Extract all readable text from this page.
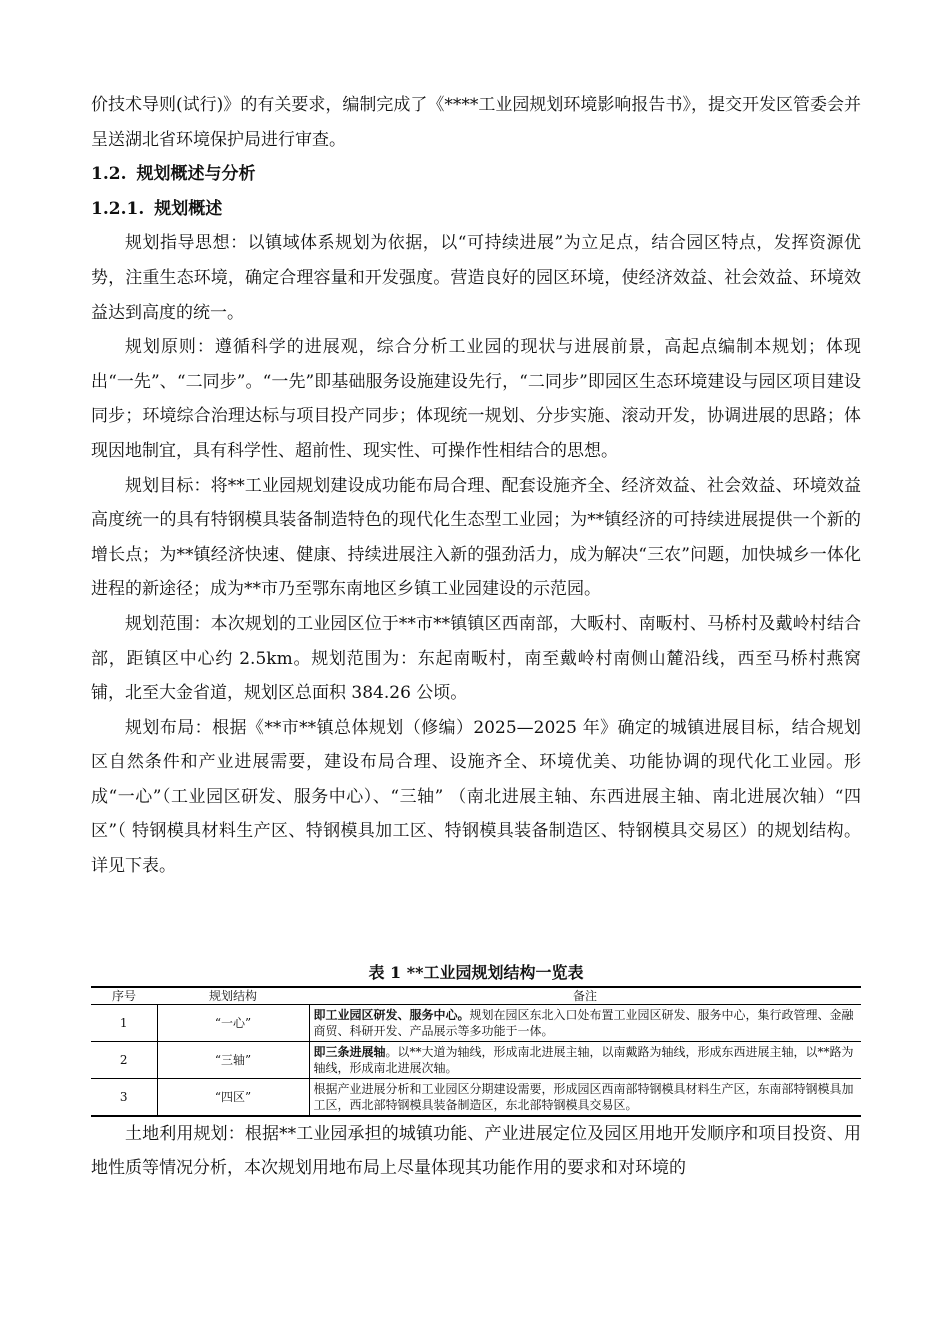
价技术导则(试行)》的有关要求，编制完成了《****工业园规划环境影响报告书》，提交开发区管委会并呈送湖北省环境保护局进行审查。

1.2. 规划概述与分析
1.2.1. 规划概述

规划指导思想：以镇域体系规划为依据，以“可持续进展”为立足点，结合园区特点，发挥资源优势，注重生态环境，确定合理容量和开发强度。营造良好的园区环境，使经济效益、社会效益、环境效益达到高度的统一。

规划原则：遵循科学的进展观，综合分析工业园的现状与进展前景，高起点编制本规划；体现出“一先”、“二同步”。“一先”即基础服务设施建设先行，“二同步”即园区生态环境建设与园区项目建设同步；环境综合治理达标与项目投产同步；体现统一规划、分步实施、滚动开发，协调进展的思路；体现因地制宜，具有科学性、超前性、现实性、可操作性相结合的思想。

规划目标：将**工业园规划建设成功能布局合理、配套设施齐全、经济效益、社会效益、环境效益高度统一的具有特钢模具装备制造特色的现代化生态型工业园；为**镇经济的可持续进展提供一个新的增长点；为**镇经济快速、健康、持续进展注入新的强劲活力，成为解决“三农”问题，加快城乡一体化进程的新途径；成为**市乃至鄂东南地区乡镇工业园建设的示范园。

规划范围：本次规划的工业园区位于**市**镇镇区西南部，大畈村、南畈村、马桥村及戴岭村结合部，距镇区中心约 2.5km。规划范围为：东起南畈村，南至戴岭村南侧山麓沿线，西至马桥村燕窝铺，北至大金省道，规划区总面积 384.26 公顷。

规划布局：根据《**市**镇总体规划（修编）2025—2025 年》确定的城镇进展目标，结合规划区自然条件和产业进展需要，建设布局合理、设施齐全、环境优美、功能协调的现代化工业园。形成“一心”（工业园区研发、服务中心）、“三轴” （南北进展主轴、东西进展主轴、南北进展次轴）“四区”（ 特钢模具材料生产区、特钢模具加工区、特钢模具装备制造区、特钢模具交易区）的规划结构。详见下表。

表 1 **工业园规划结构一览表
序号	规划结构	备注
1	“一心”	即工业园区研发、服务中心。规划在园区东北入口处布置工业园区研发、服务中心，集行政管理、金融商贸、科研开发、产品展示等多功能于一体。
2	“三轴”	即三条进展轴。以**大道为轴线，形成南北进展主轴，以南戴路为轴线，形成东西进展主轴，以**路为轴线，形成南北进展次轴。
3	“四区”	根据产业进展分析和工业园区分期建设需要，形成园区西南部特钢模具材料生产区，东南部特钢模具加工区，西北部特钢模具装备制造区，东北部特钢模具交易区。

土地利用规划：根据**工业园承担的城镇功能、产业进展定位及园区用地开发顺序和项目投资、用地性质等情况分析，本次规划用地布局上尽量体现其功能作用的要求和对环境的
